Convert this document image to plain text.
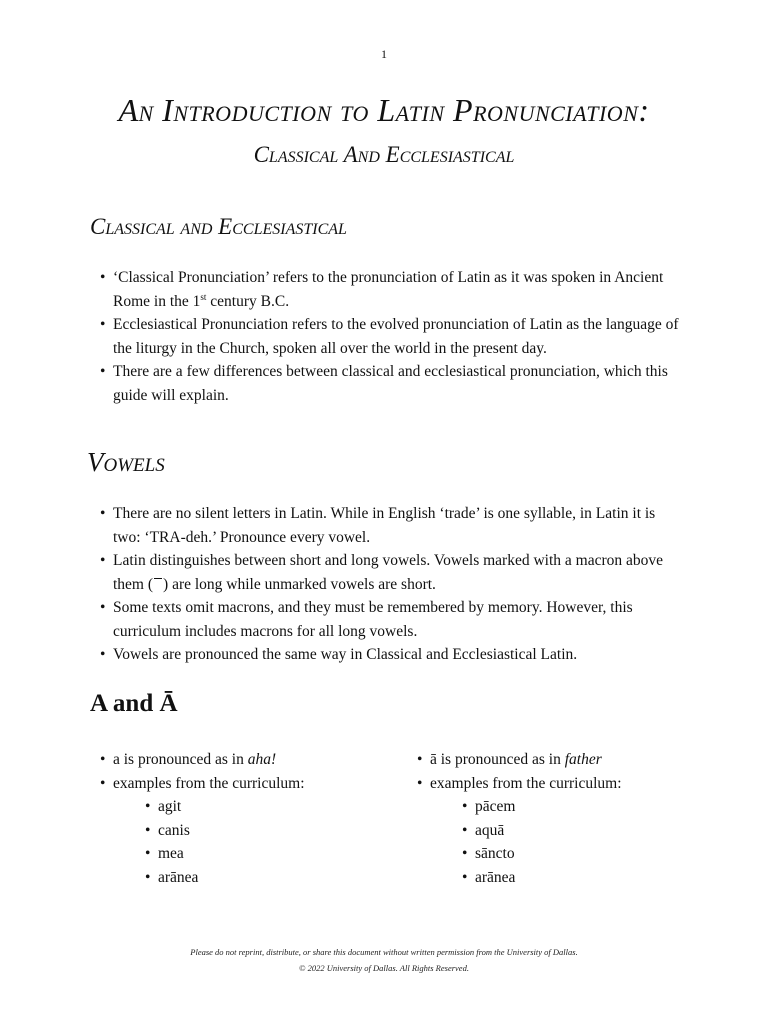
1
An Introduction to Latin Pronunciation:
Classical And Ecclesiastical
Classical and Ecclesiastical
• ‘Classical Pronunciation’ refers to the pronunciation of Latin as it was spoken in Ancient Rome in the 1st century B.C.
• Ecclesiastical Pronunciation refers to the evolved pronunciation of Latin as the language of the liturgy in the Church, spoken all over the world in the present day.
• There are a few differences between classical and ecclesiastical pronunciation, which this guide will explain.
Vowels
• There are no silent letters in Latin. While in English ‘trade’ is one syllable, in Latin it is two: ‘TRA-deh.’ Pronounce every vowel.
• Latin distinguishes between short and long vowels. Vowels marked with a macron above them ( ) are long while unmarked vowels are short.
• Some texts omit macrons, and they must be remembered by memory. However, this curriculum includes macrons for all long vowels.
• Vowels are pronounced the same way in Classical and Ecclesiastical Latin.
A and Ā
• a is pronounced as in aha!
• examples from the curriculum:
• agit
• canis
• mea
• arānea
• ā is pronounced as in father
• examples from the curriculum:
• pācem
• aquā
• sāncto
• arānea
Please do not reprint, distribute, or share this document without written permission from the University of Dallas.
© 2022 University of Dallas. All Rights Reserved.
